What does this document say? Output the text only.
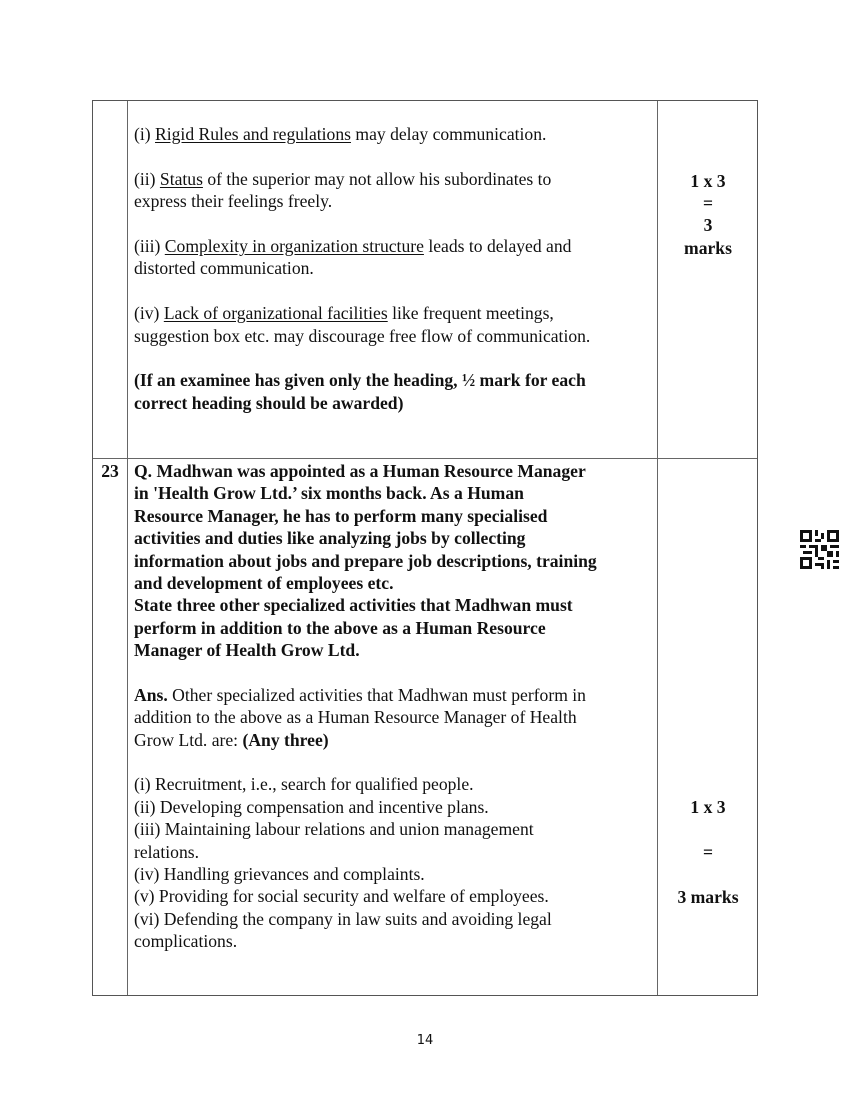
(i) Rigid Rules and regulations may delay communication.
(ii) Status of the superior may not allow his subordinates to
express their feelings freely.
(iii) Complexity in organization structure leads to delayed and
distorted communication.
(iv) Lack of organizational facilities like frequent meetings,
suggestion box etc. may discourage free flow of communication.
(If an examinee has given only the heading, ½ mark for each
correct heading should be awarded)
1 x 3
=
3
marks
23 Q. Madhwan was appointed as a Human Resource Manager
in 'Health Grow Ltd.’ six months back. As a Human
Resource Manager, he has to perform many specialised
activities and duties like analyzing jobs by collecting
information about jobs and prepare job descriptions, training
and development of employees etc.
State three other specialized activities that Madhwan must
perform in addition to the above as a Human Resource
Manager of Health Grow Ltd.
Ans. Other specialized activities that Madhwan must perform in
addition to the above as a Human Resource Manager of Health
Grow Ltd. are: (Any three)
(i) Recruitment, i.e., search for qualified people.
(ii) Developing compensation and incentive plans.
(iii) Maintaining labour relations and union management
relations.
(iv) Handling grievances and complaints.
(v) Providing for social security and welfare of employees.
(vi) Defending the company in law suits and avoiding legal
complications.
1 x 3
=
3 marks
14
